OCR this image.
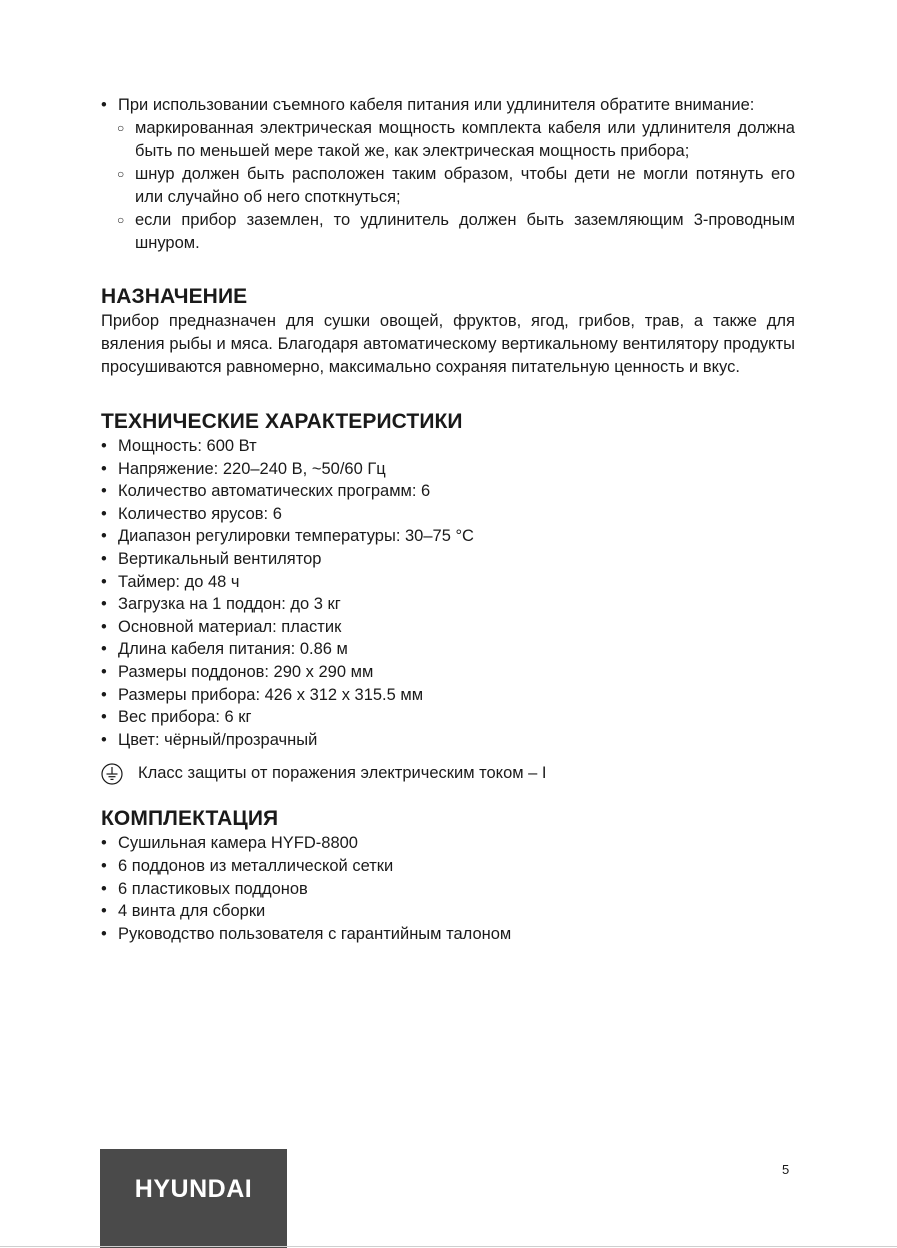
• При использовании съемного кабеля питания или удлинителя обратите внимание:
○ маркированная электрическая мощность комплекта кабеля или удлинителя должна быть по меньшей мере такой же, как электрическая мощность прибора;
○ шнур должен быть расположен таким образом, чтобы дети не могли потянуть его или случайно об него споткнуться;
○ если прибор заземлен, то удлинитель должен быть заземляющим 3-проводным шнуром.
НАЗНАЧЕНИЕ

Прибор предназначен для сушки овощей, фруктов, ягод, грибов, трав, а также для вяления рыбы и мяса. Благодаря автоматическому вертикальному вентилятору продукты просушиваются равномерно, максимально сохраняя питательную ценность и вкус.

ТЕХНИЧЕСКИЕ ХАРАКТЕРИСТИКИ
• Мощность: 600 Вт
• Напряжение: 220–240 В, ~50/60 Гц
• Количество автоматических программ: 6
• Количество ярусов: 6
• Диапазон регулировки температуры: 30–75 °C
• Вертикальный вентилятор
• Таймер: до 48 ч
• Загрузка на 1 поддон: до 3 кг
• Основной материал: пластик
• Длина кабеля питания: 0.86 м
• Размеры поддонов: 290 х 290 мм
• Размеры прибора: 426 х 312 х 315.5 мм
• Вес прибора: 6 кг
• Цвет: чёрный/прозрачный
Класс защиты от поражения электрическим током – I
КОМПЛЕКТАЦИЯ
• Сушильная камера HYFD-8800
• 6 поддонов из металлической сетки
• 6 пластиковых поддонов
• 4 винта для сборки
• Руководство пользователя с гарантийным талоном
HYUNDAI
5
